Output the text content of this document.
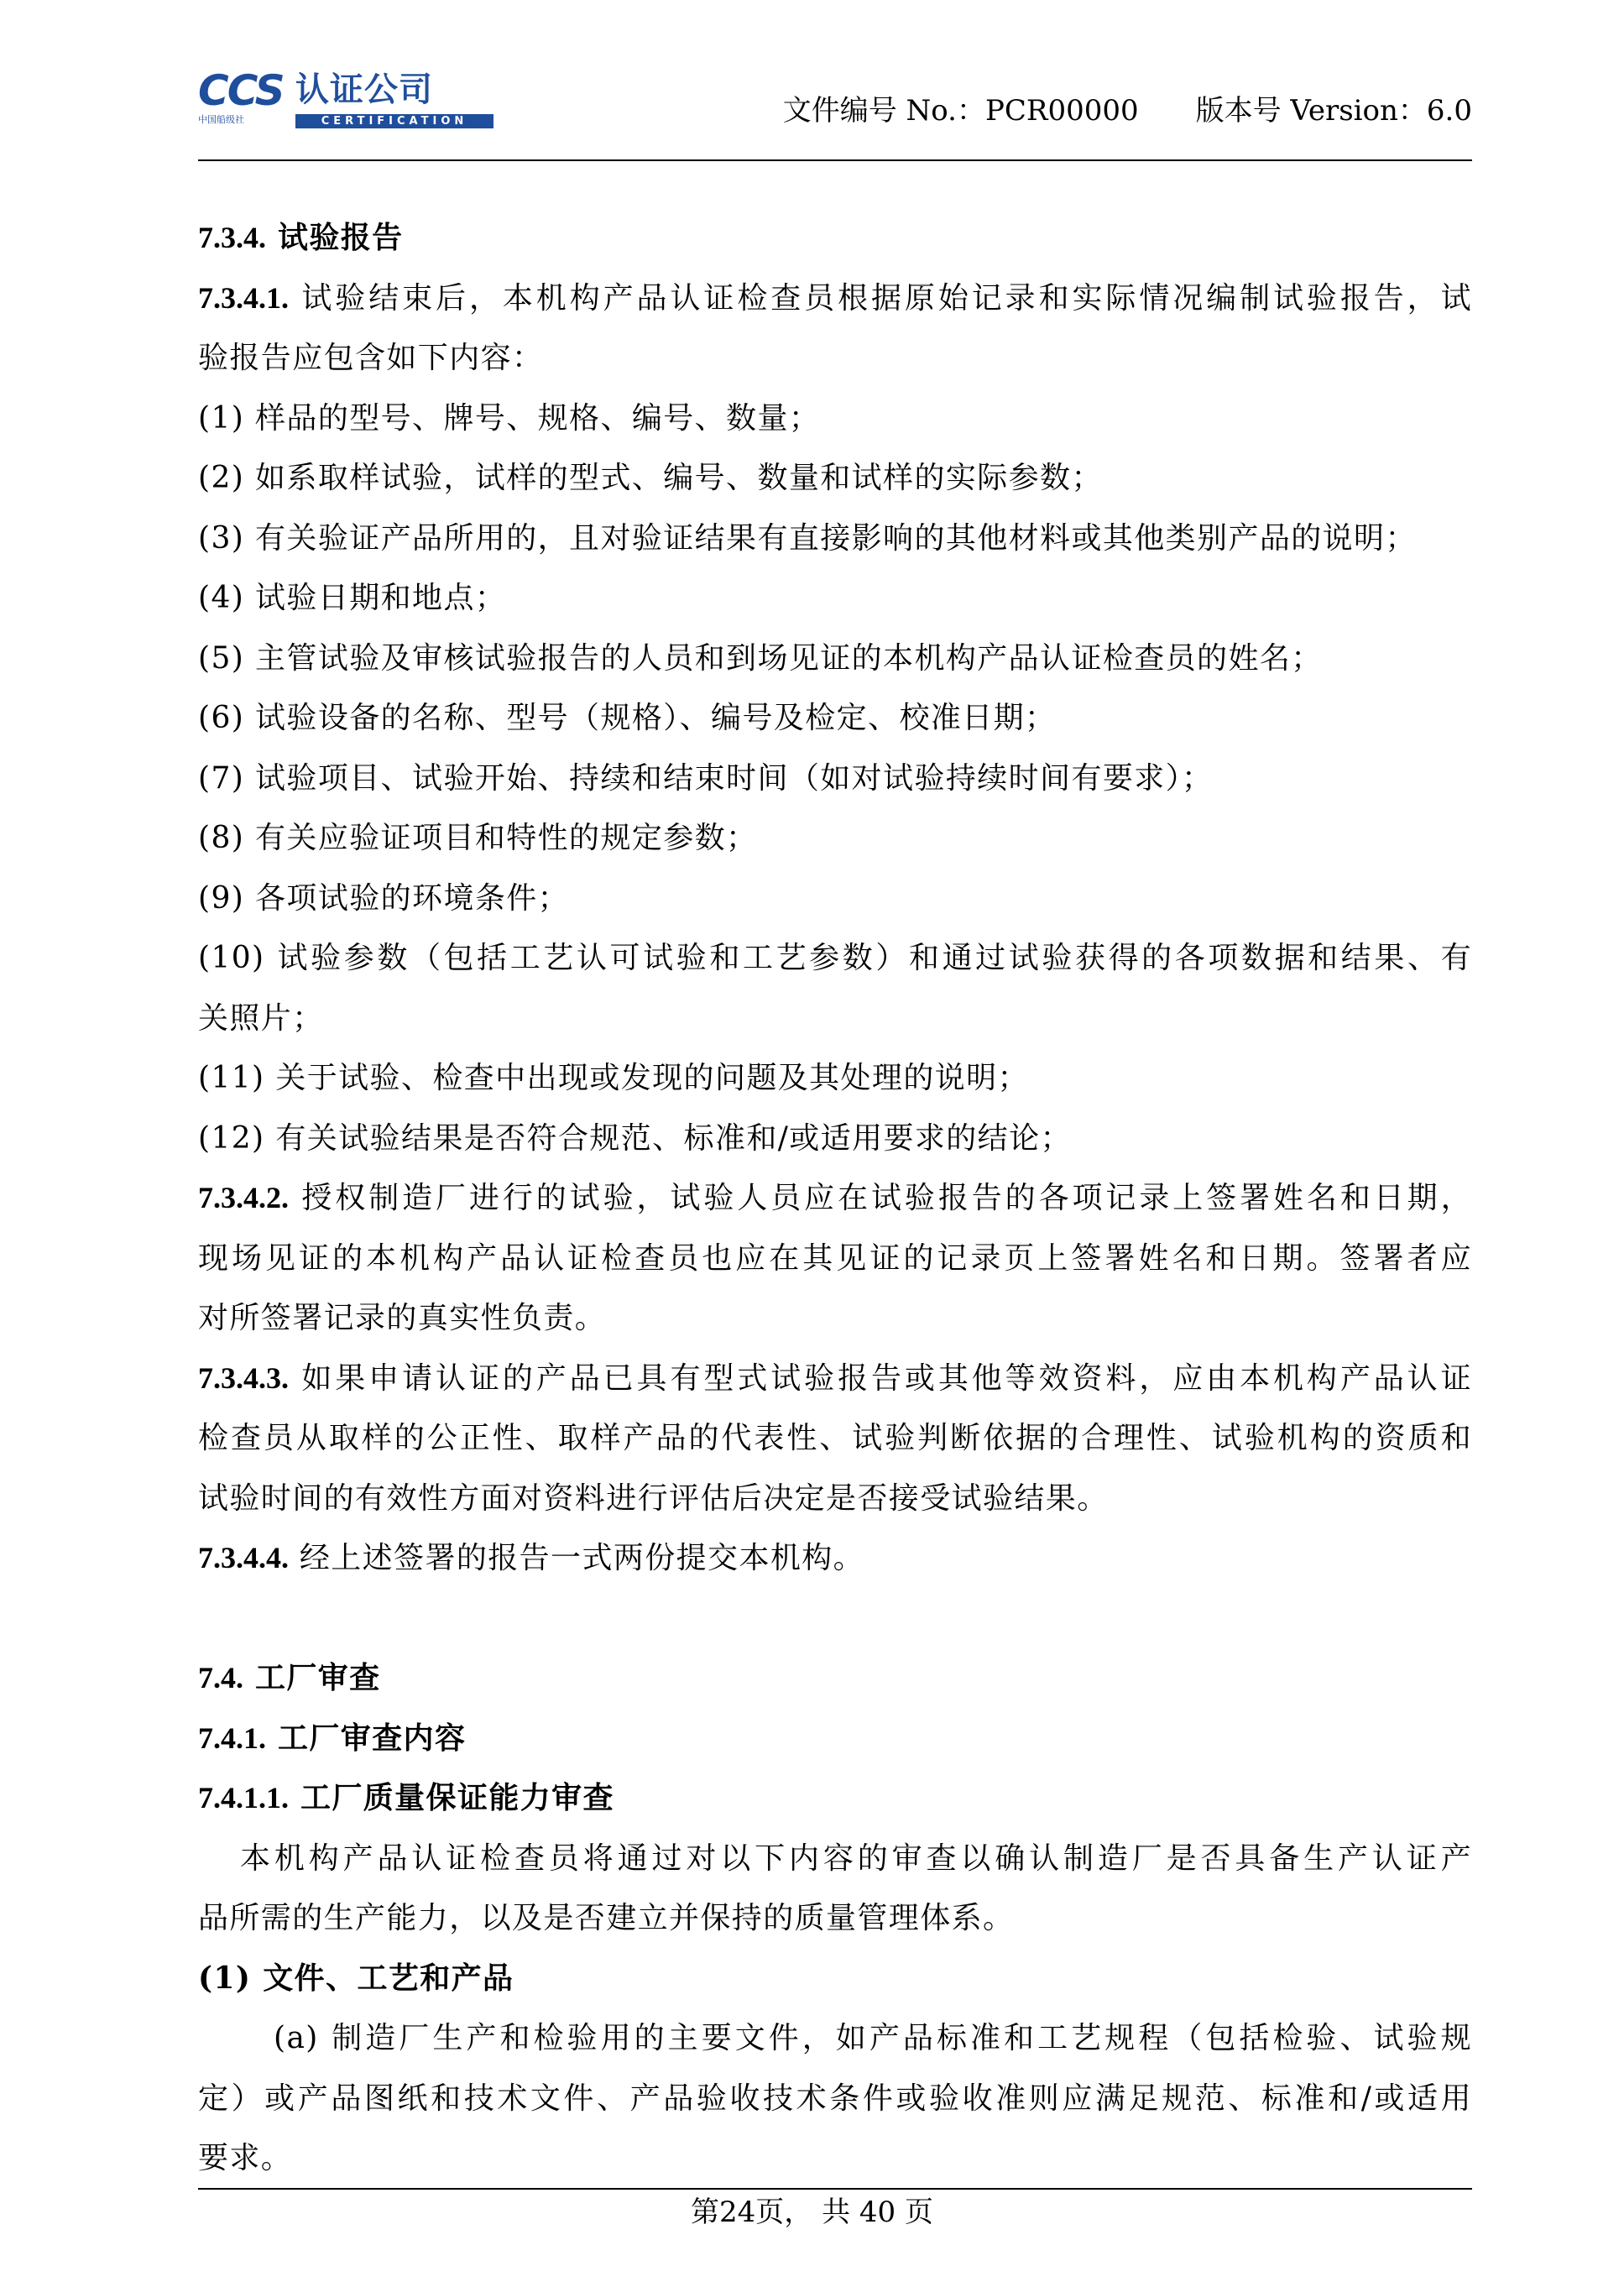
CCS 认证公司
中国船级社	CERTIFICATION	文件编号 No.：PCR00000　　版本号 Version：6.0
7.3.4. 试验报告
7.3.4.1. 试验结束后，本机构产品认证检查员根据原始记录和实际情况编制试验报告，试
验报告应包含如下内容：
(1) 样品的型号、牌号、规格、编号、数量；
(2) 如系取样试验，试样的型式、编号、数量和试样的实际参数；
(3) 有关验证产品所用的，且对验证结果有直接影响的其他材料或其他类别产品的说明；
(4) 试验日期和地点；
(5) 主管试验及审核试验报告的人员和到场见证的本机构产品认证检查员的姓名；
(6) 试验设备的名称、型号（规格）、编号及检定、校准日期；
(7) 试验项目、试验开始、持续和结束时间（如对试验持续时间有要求）；
(8) 有关应验证项目和特性的规定参数；
(9) 各项试验的环境条件；
(10) 试验参数（包括工艺认可试验和工艺参数）和通过试验获得的各项数据和结果、有
关照片；
(11) 关于试验、检查中出现或发现的问题及其处理的说明；
(12) 有关试验结果是否符合规范、标准和/或适用要求的结论；
7.3.4.2. 授权制造厂进行的试验，试验人员应在试验报告的各项记录上签署姓名和日期，
现场见证的本机构产品认证检查员也应在其见证的记录页上签署姓名和日期。签署者应
对所签署记录的真实性负责。
7.3.4.3. 如果申请认证的产品已具有型式试验报告或其他等效资料，应由本机构产品认证
检查员从取样的公正性、取样产品的代表性、试验判断依据的合理性、试验机构的资质和
试验时间的有效性方面对资料进行评估后决定是否接受试验结果。
7.3.4.4. 经上述签署的报告一式两份提交本机构。
7.4. 工厂审查
7.4.1. 工厂审查内容
7.4.1.1. 工厂质量保证能力审查
本机构产品认证检查员将通过对以下内容的审查以确认制造厂是否具备生产认证产
品所需的生产能力，以及是否建立并保持的质量管理体系。
(1) 文件、工艺和产品
(a) 制造厂生产和检验用的主要文件，如产品标准和工艺规程（包括检验、试验规
定）或产品图纸和技术文件、产品验收技术条件或验收准则应满足规范、标准和/或适用
要求。
第24页， 共 40 页
